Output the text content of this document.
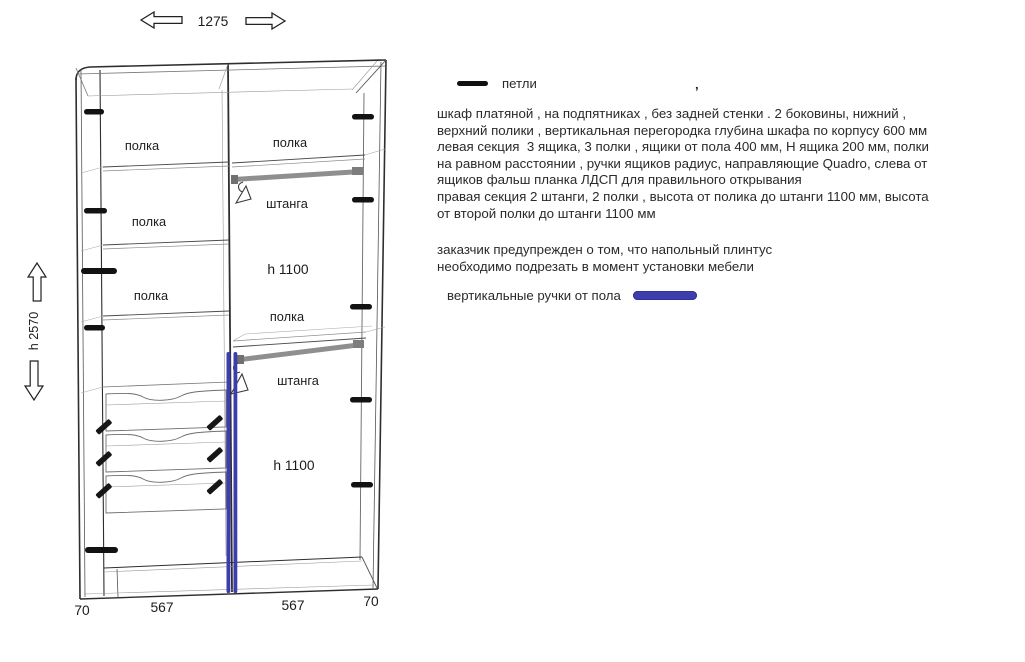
1275
h 2570
полка
полка
полка
полка
штанга
h 1100
полка
штанга
h 1100
70	567	567	70
петли
’
шкаф платяной , на подпятниках , без задней стенки . 2 боковины, нижний ,
верхний полики , вертикальная перегородка глубина шкафа по корпусу 600 мм
левая секция  3 ящика, 3 полки , ящики от пола 400 мм, Н ящика 200 мм, полки
на равном расстоянии , ручки ящиков радиус, направляющие Quadro, слева от
ящиков фальш планка ЛДСП для правильного открывания
правая секция 2 штанги, 2 полки , высота от полика до штанги 1100 мм, высота
от второй полки до штанги 1100 мм
заказчик предупрежден о том, что напольный плинтус
необходимо подрезать в момент установки мебели
вертикальные ручки от пола
